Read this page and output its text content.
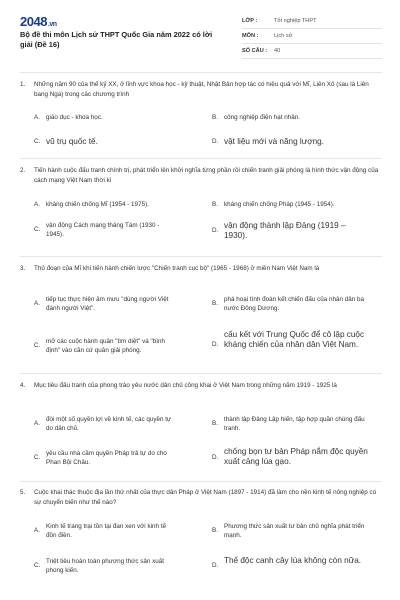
2048.vn
Bộ đề thi môn Lịch sử THPT Quốc Gia năm 2022 có lời giải (Đề 16)
LỚP :	Tốt nghiệp THPT
MÔN :	Lịch sử
SỐ CÂU :	40
1. Những năm 90 của thế kỷ XX, ở lĩnh vực khoa học - kỹ thuật, Nhật Bản hợp tác có hiệu quả với Mĩ, Liên Xô (sau là Liên bang Nga) trong các chương trình
A. giáo dục - khoa học.	B. công nghiệp điện hạt nhân.
C. vũ trụ quốc tế.	D. vật liệu mới và năng lượng.
2. Tiến hành cuộc đấu tranh chính trị, phát triển lên khởi nghĩa từng phần rồi chiến tranh giải phóng là hình thức vận động của cách mạng Việt Nam thời kì
A. kháng chiến chống Mĩ (1954 - 1975).	B. kháng chiến chống Pháp (1945 - 1954).
C.
vận động Cách mạng tháng Tám (1930 - 1945).
D.
vận động thành lập Đảng (1919 – 1930).
3. Thủ đoạn của Mĩ khi tiến hành chiến lược "Chiến tranh cục bộ" (1965 - 1968) ở miền Nam Việt Nam là
A.
tiếp tục thực hiện âm mưu "dùng người Việt đánh người Việt".
B.
phá hoại tình đoàn kết chiến đấu của nhân dân ba nước Đông Dương.
C.
mở các cuộc hành quân "tìm diệt" và "bình định" vào căn cứ quân giải phóng.
D.
cấu kết với Trung Quốc để cô lập cuộc kháng chiến của nhân dân Việt Nam.
4. Mục tiêu đấu tranh của phong trào yêu nước dân chủ công khai ở Việt Nam trong những năm 1919 - 1925 là
A.
đòi một số quyền lợi về kinh tế, các quyền tự do dân chủ.
B.
thành lập Đảng Lập hiến, tập hợp quần chúng đấu tranh.
C.
yêu cầu nhà cầm quyền Pháp trả tự do cho Phan Bội Châu.
D.
chống bọn tư bản Pháp nắm độc quyền xuất cảng lúa gạo.
5. Cuộc khai thác thuộc địa lần thứ nhất của thực dân Pháp ở Việt Nam (1897 - 1914) đã làm cho nền kinh tế nông nghiệp có sự chuyển biến như thế nào?
A.
Kinh tế trang trại tồn tại đan xen với kinh tế đồn điền.
B.
Phương thức sản xuất tư bản chủ nghĩa phát triển mạnh.
C.
Triệt tiêu hoàn toàn phương thức sản xuất phong kiến.
D.
Thế độc canh cây lúa không còn nữa.
